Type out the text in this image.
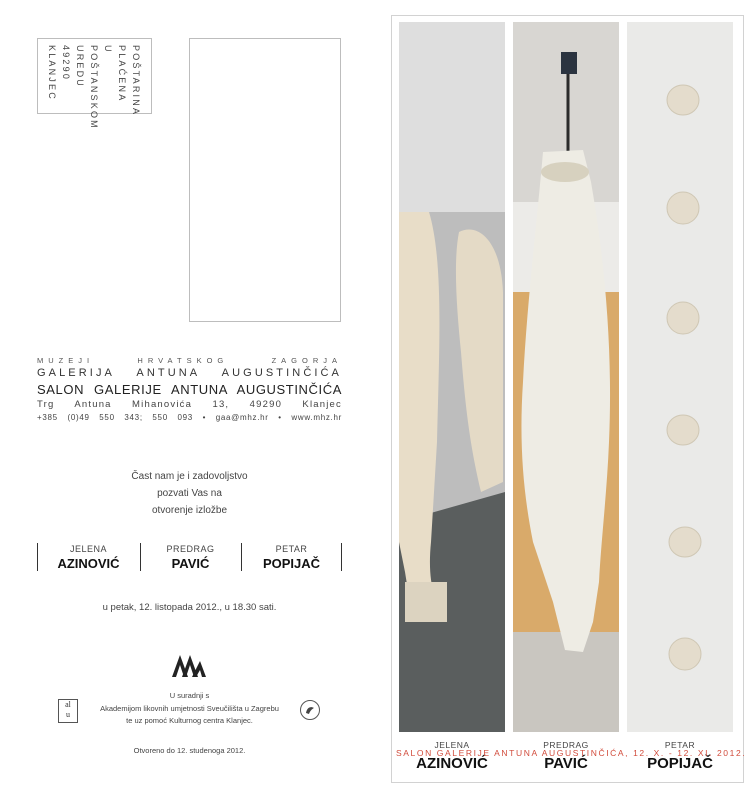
POŠTARINA
PLAĆENA U
POŠTANSKOM
UREDU 49290
KLANJEC
MUZEJI HRVATSKOG ZAGORJA
GALERIJA ANTUNA AUGUSTINČIĆA
SALON GALERIJE ANTUNA AUGUSTINČIĆA
Trg Antuna Mihanovića 13, 49290 Klanjec
+385 (0)49 550 343; 550 093 • gaa@mhz.hr • www.mhz.hr
Čast nam je i zadovoljstvo
pozvati Vas na
otvorenje izložbe
JELENA
AZINOVIĆ
PREDRAG
PAVIĆ
PETAR
POPIJAČ
u petak, 12. listopada 2012., u 18.30 sati.
U suradnji s
Akademijom likovnih umjetnosti Sveučilišta u Zagrebu
te uz pomoć Kulturnog centra Klanjec.
al
u
Otvoreno do 12. studenoga 2012.
JELENA
AZINOVIĆ
PREDRAG
PAVIĆ
PETAR
POPIJAČ
SALON GALERIJE ANTUNA AUGUSTINČIĆA, 12. X. - 12. XI. 2012.
